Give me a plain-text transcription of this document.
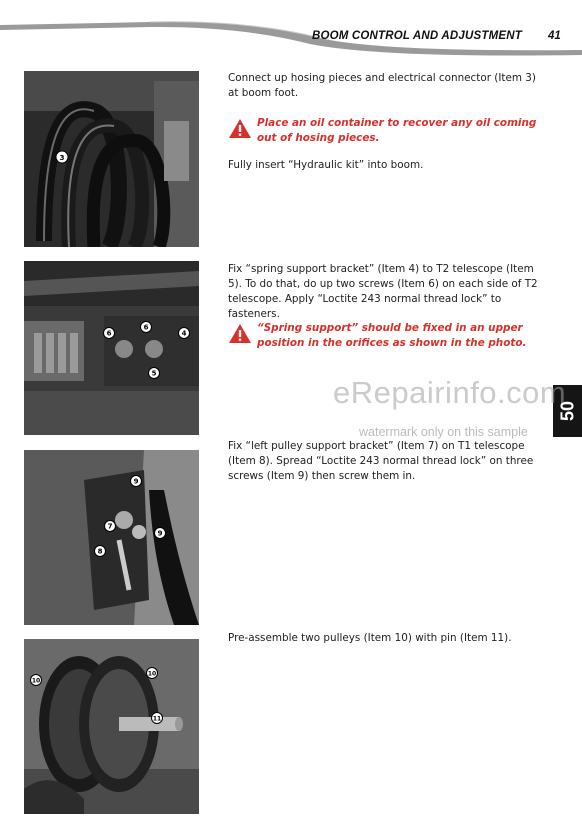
BOOM CONTROL AND ADJUSTMENT 41
50
eRepairinfo.com
watermark only on this sample
3

Connect up hosing pieces and electrical connector (Item 3) at boom foot.

Place an oil container to recover any oil coming out of hosing pieces.

Fully insert “Hydraulic kit” into boom.

6
6
4
5

Fix “spring support bracket” (Item 4) to T2 telescope (Item 5). To do that, do up two screws (Item 6) on each side of T2 telescope. Apply “Loctite 243 normal thread lock” to fasteners.

“Spring support” should be fixed in an upper position in the orifices as shown in the photo.
9
7
9
8

Fix “left pulley support bracket” (Item 7) on T1 telescope (Item 8). Spread “Loctite 243 normal thread lock” on three screws (Item 9) then screw them in.

10
10
11

Pre-assemble two pulleys (Item 10) with pin (Item 11).
